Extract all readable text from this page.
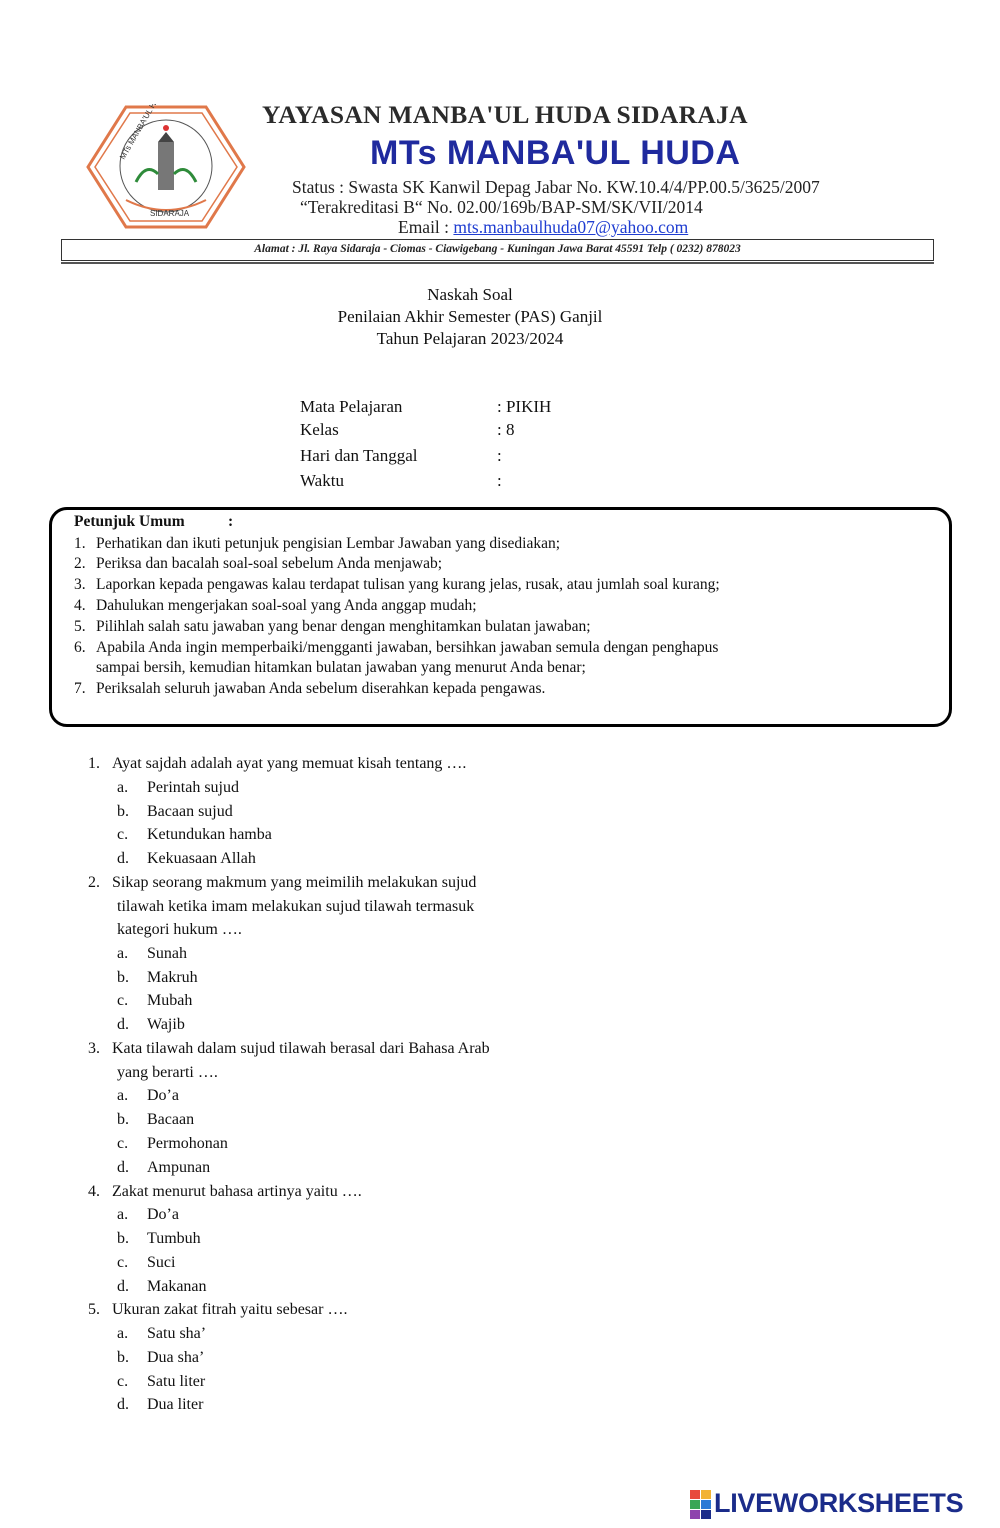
MTs MANBA'UL
SIDARAJA
YAYASAN MANBA'UL HUDA SIDARAJA
MTs MANBA'UL HUDA
Status : Swasta SK Kanwil Depag Jabar No. KW.10.4/4/PP.00.5/3625/2007
“Terakreditasi B“ No. 02.00/169b/BAP-SM/SK/VII/2014
Email : mts.manbaulhuda07@yahoo.com
Alamat : Jl. Raya Sidaraja - Ciomas - Ciawigebang - Kuningan Jawa Barat 45591 Telp ( 0232) 878023
Naskah Soal
Penilaian Akhir Semester (PAS) Ganjil
Tahun Pelajaran 2023/2024
Mata Pelajaran	: PIKIH
Kelas	: 8
Hari dan Tanggal	:
Waktu	:
Petunjuk Umum	:
1. Perhatikan dan ikuti petunjuk pengisian Lembar Jawaban yang disediakan;
2. Periksa dan bacalah soal-soal sebelum Anda menjawab;
3. Laporkan kepada pengawas kalau terdapat tulisan yang kurang jelas, rusak, atau jumlah soal kurang;
4. Dahulukan mengerjakan soal-soal yang Anda anggap mudah;
5. Pilihlah salah satu jawaban yang benar dengan menghitamkan bulatan jawaban;
6. Apabila Anda ingin memperbaiki/mengganti jawaban, bersihkan jawaban semula dengan penghapus
sampai bersih, kemudian hitamkan bulatan jawaban yang menurut Anda benar;
7. Periksalah seluruh jawaban Anda sebelum diserahkan kepada pengawas.
1. Ayat sajdah adalah ayat yang memuat kisah tentang ….
a. Perintah sujud
b. Bacaan sujud
c. Ketundukan hamba
d. Kekuasaan Allah
2. Sikap seorang makmum yang meimilih melakukan sujud
tilawah ketika imam melakukan sujud tilawah termasuk
kategori hukum ….
a. Sunah
b. Makruh
c. Mubah
d. Wajib
3. Kata tilawah dalam sujud tilawah berasal dari Bahasa Arab
yang berarti ….
a. Do’a
b. Bacaan
c. Permohonan
d. Ampunan
4. Zakat menurut bahasa artinya yaitu ….
a. Do’a
b. Tumbuh
c. Suci
d. Makanan
5. Ukuran zakat fitrah yaitu sebesar ….
a. Satu sha’
b. Dua sha’
c. Satu liter
d. Dua liter
LIVEWORKSHEETS
